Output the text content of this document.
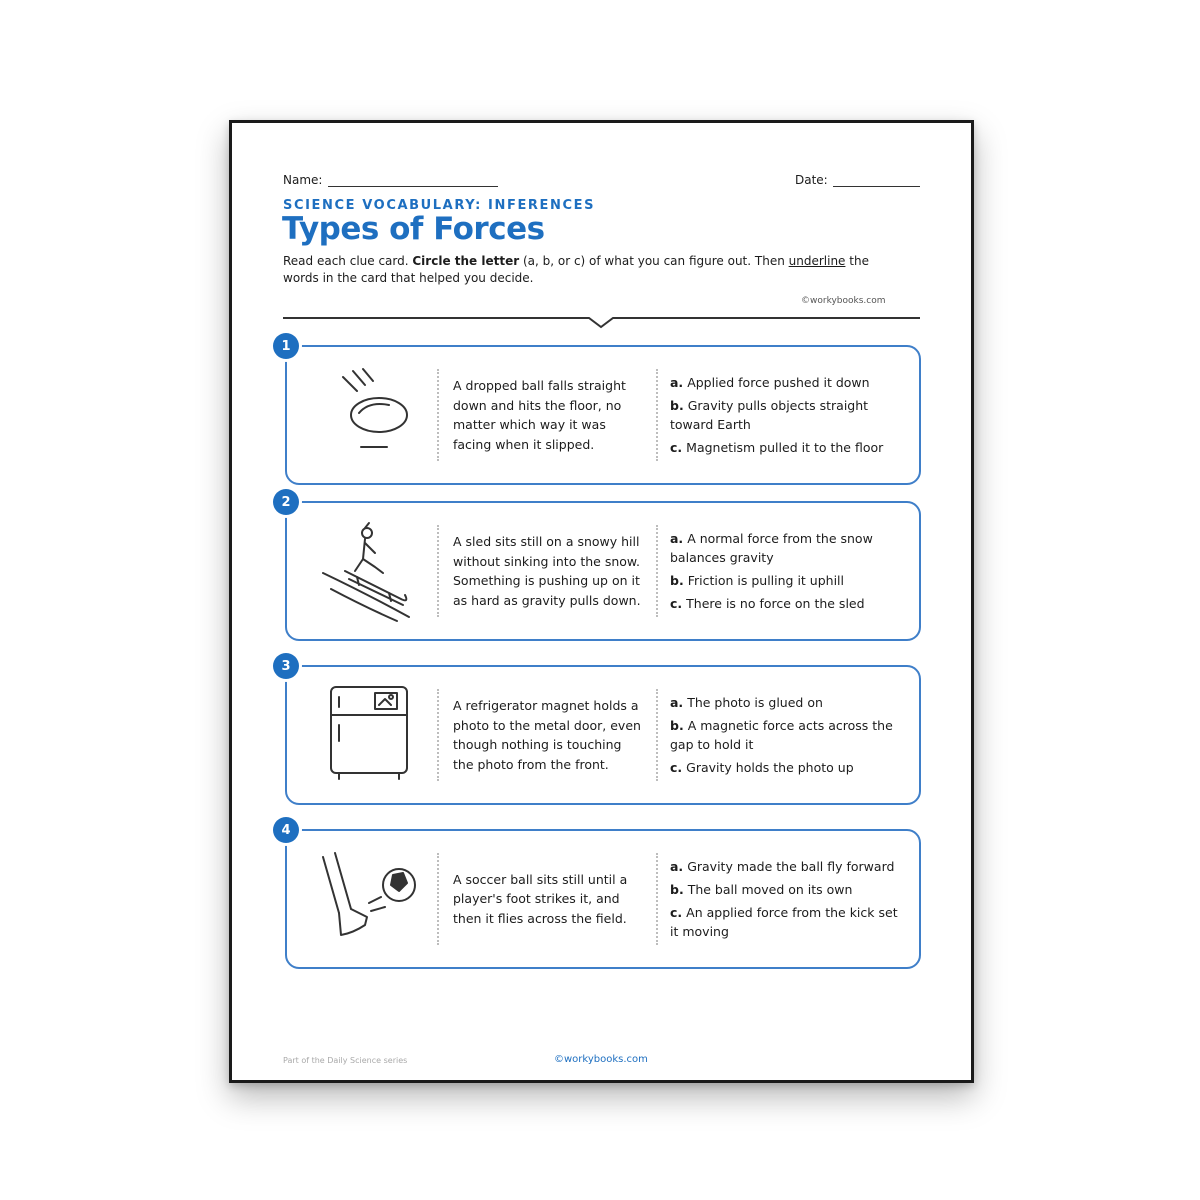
Name:	Date:
SCIENCE VOCABULARY: INFERENCES
Types of Forces
Read each clue card. Circle the letter (a, b, or c) of what you can figure out. Then underline the words in the card that helped you decide.
©workybooks.com
1
A dropped ball falls straight down and hits the floor, no matter which way it was facing when it slipped.
a. Applied force pushed it down
b. Gravity pulls objects straight toward Earth
c. Magnetism pulled it to the floor
2
A sled sits still on a snowy hill without sinking into the snow. Something is pushing up on it as hard as gravity pulls down.
a. A normal force from the snow balances gravity
b. Friction is pulling it uphill
c. There is no force on the sled
3
A refrigerator magnet holds a photo to the metal door, even though nothing is touching the photo from the front.
a. The photo is glued on
b. A magnetic force acts across the gap to hold it
c. Gravity holds the photo up
4
A soccer ball sits still until a player's foot strikes it, and then it flies across the field.
a. Gravity made the ball fly forward
b. The ball moved on its own
c. An applied force from the kick set it moving
Part of the Daily Science series	©workybooks.com
